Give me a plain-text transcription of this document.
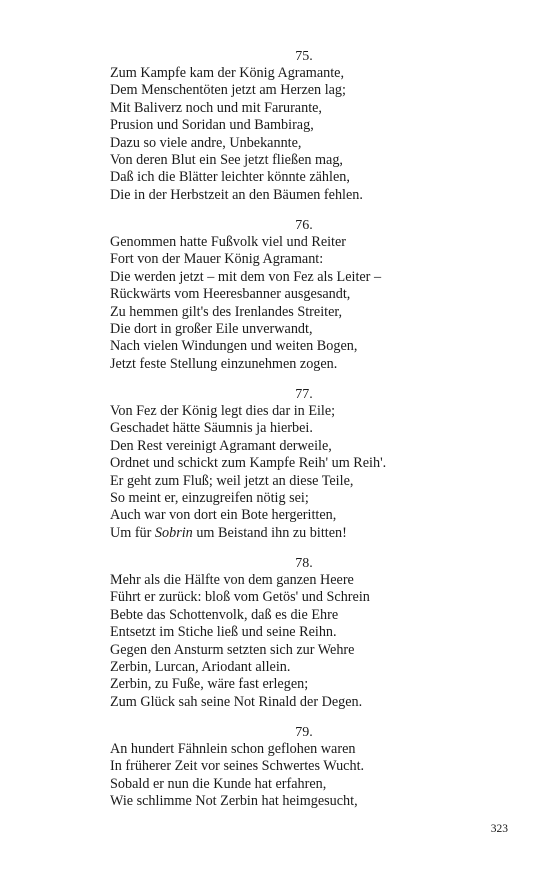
75.
Zum Kampfe kam der König Agramante,
Dem Menschentöten jetzt am Herzen lag;
Mit Baliverz noch und mit Farurante,
Prusion und Soridan und Bambirag,
Dazu so viele andre, Unbekannte,
Von deren Blut ein See jetzt fließen mag,
Daß ich die Blätter leichter könnte zählen,
Die in der Herbstzeit an den Bäumen fehlen.
76.
Genommen hatte Fußvolk viel und Reiter
Fort von der Mauer König Agramant:
Die werden jetzt – mit dem von Fez als Leiter –
Rückwärts vom Heeresbanner ausgesandt,
Zu hemmen gilt's des Irenlandes Streiter,
Die dort in großer Eile unverwandt,
Nach vielen Windungen und weiten Bogen,
Jetzt feste Stellung einzunehmen zogen.
77.
Von Fez der König legt dies dar in Eile;
Geschadet hätte Säumnis ja hierbei.
Den Rest vereinigt Agramant derweile,
Ordnet und schickt zum Kampfe Reih' um Reih'.
Er geht zum Fluß; weil jetzt an diese Teile,
So meint er, einzugreifen nötig sei;
Auch war von dort ein Bote hergeritten,
Um für Sobrin um Beistand ihn zu bitten!
78.
Mehr als die Hälfte von dem ganzen Heere
Führt er zurück: bloß vom Getös' und Schrein
Bebte das Schottenvolk, daß es die Ehre
Entsetzt im Stiche ließ und seine Reihn.
Gegen den Ansturm setzten sich zur Wehre
Zerbin, Lurcan, Ariodant allein.
Zerbin, zu Fuße, wäre fast erlegen;
Zum Glück sah seine Not Rinald der Degen.
79.
An hundert Fähnlein schon geflohen waren
In früherer Zeit vor seines Schwertes Wucht.
Sobald er nun die Kunde hat erfahren,
Wie schlimme Not Zerbin hat heimgesucht,
323
